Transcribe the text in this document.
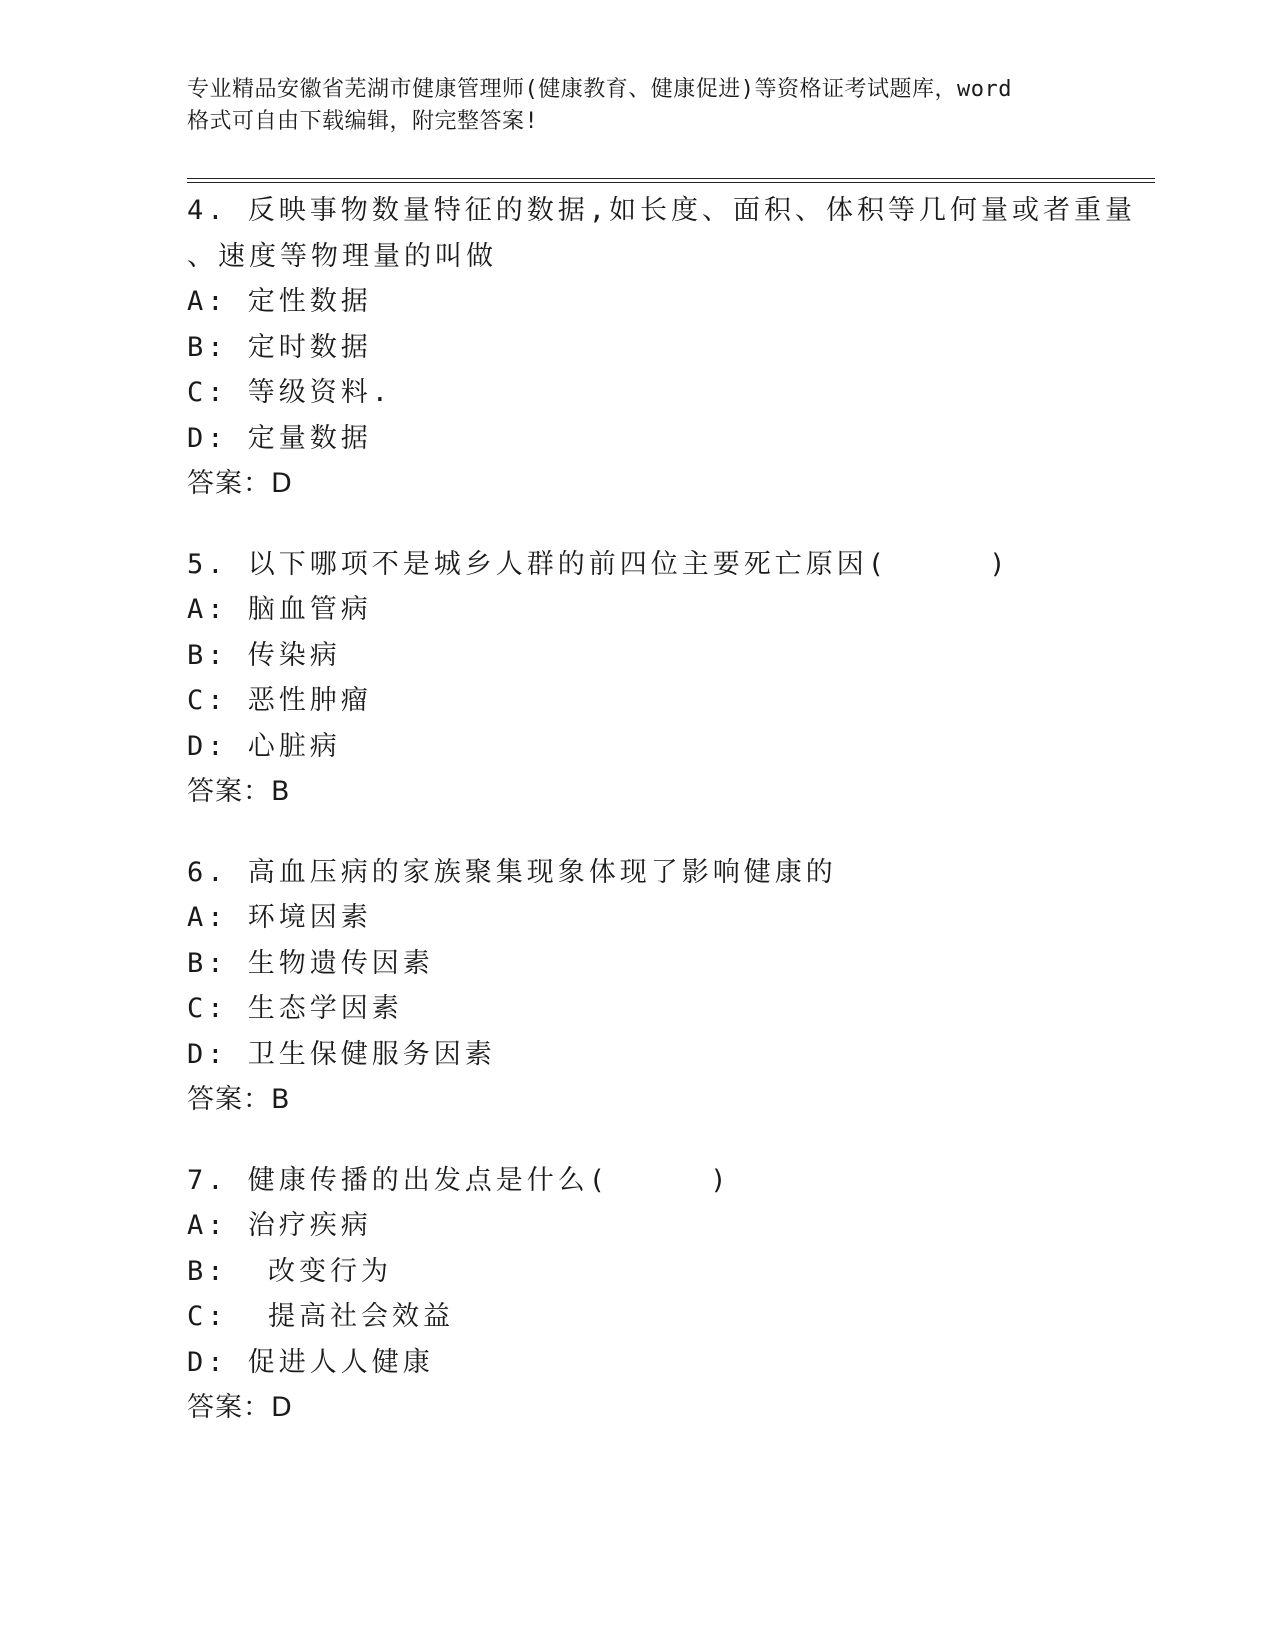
专业精品安徽省芜湖市健康管理师(健康教育、健康促进)等资格证考试题库，word
格式可自由下载编辑，附完整答案!
4. 反映事物数量特征的数据,如长度、面积、体积等几何量或者重量
、速度等物理量的叫做
A: 定性数据
B: 定时数据
C: 等级资料.
D: 定量数据
答案：D
5. 以下哪项不是城乡人群的前四位主要死亡原因(     )
A: 脑血管病
B: 传染病
C: 恶性肿瘤
D: 心脏病
答案：B
6. 高血压病的家族聚集现象体现了影响健康的
A: 环境因素
B: 生物遗传因素
C: 生态学因素
D: 卫生保健服务因素
答案：B
7. 健康传播的出发点是什么(     )
A: 治疗疾病
B:  改变行为
C:  提高社会效益
D: 促进人人健康
答案：D
